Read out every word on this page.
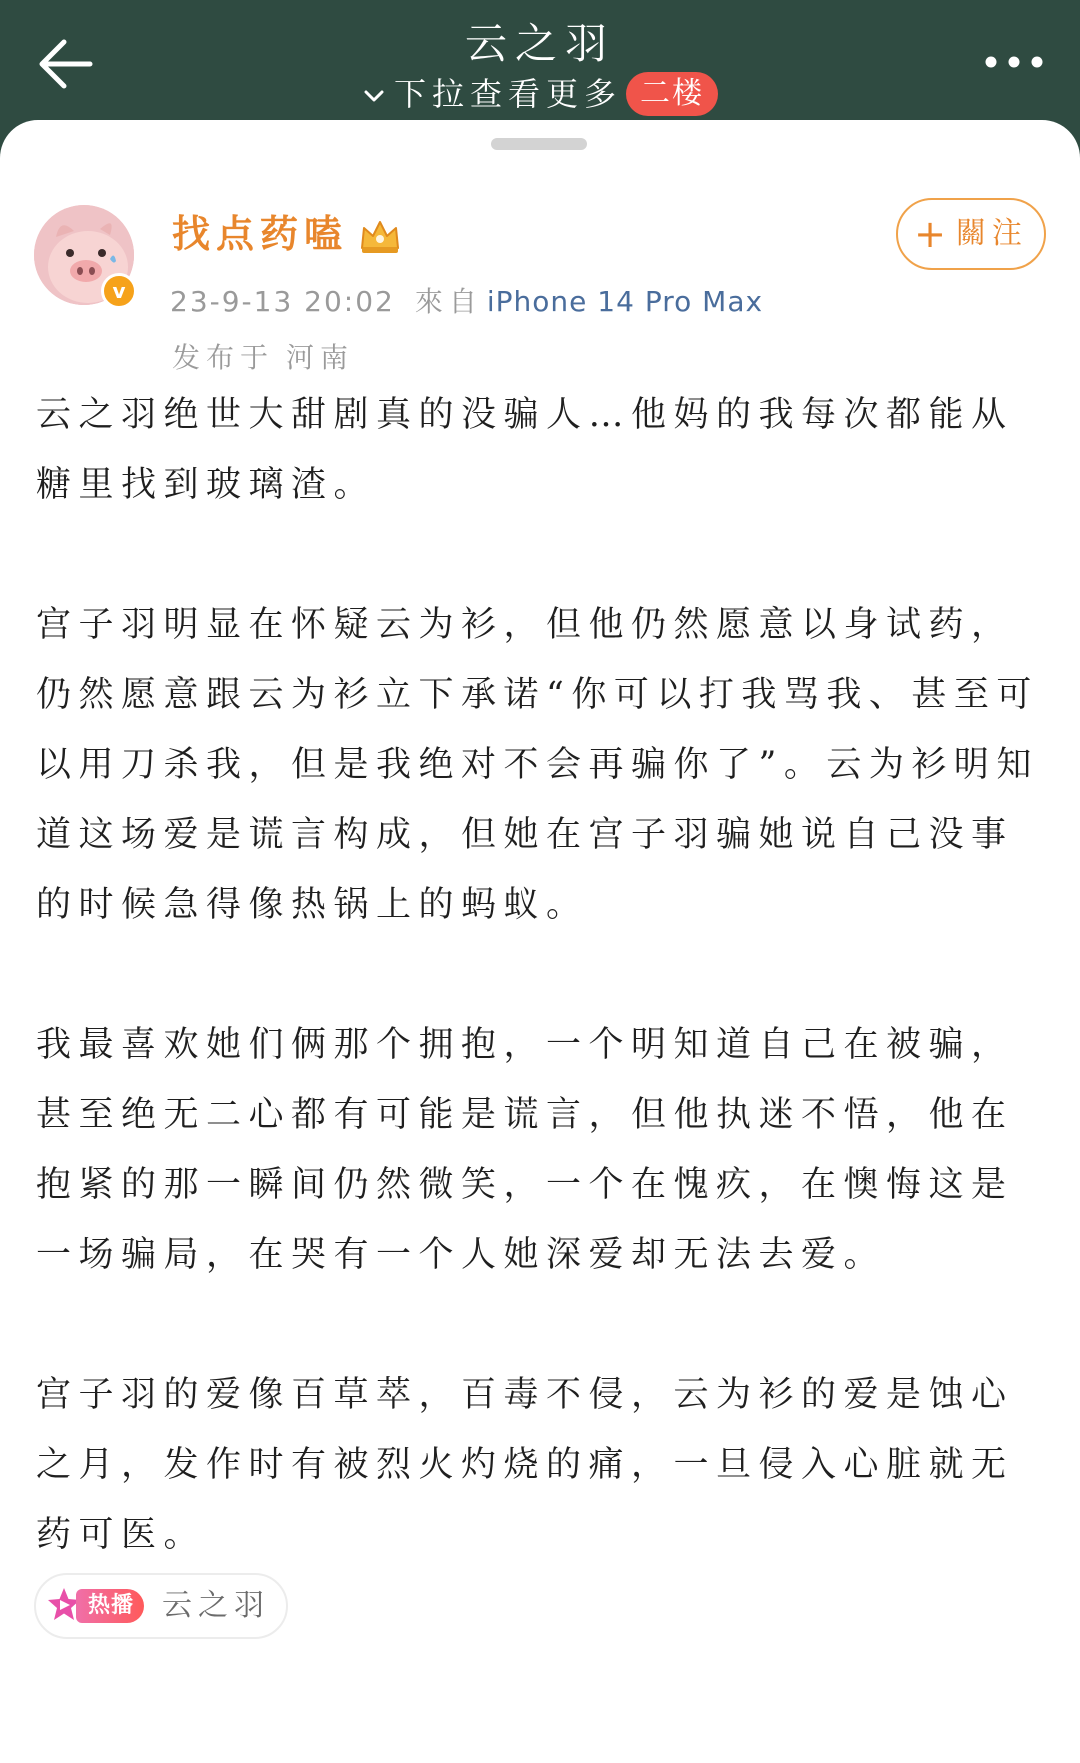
云之羽
下拉查看更多 二楼
v
找点药嗑	+ 關注
23-9-13 20:02 來自 iPhone 14 Pro Max
发布于 河南

云之羽绝世大甜剧真的没骗人…他妈的我每次都能从糖里找到玻璃渣。

宫子羽明显在怀疑云为衫，但他仍然愿意以身试药，仍然愿意跟云为衫立下承诺“你可以打我骂我、甚至可以用刀杀我，但是我绝对不会再骗你了”。云为衫明知道这场爱是谎言构成，但她在宫子羽骗她说自己没事的时候急得像热锅上的蚂蚁。

我最喜欢她们俩那个拥抱，一个明知道自己在被骗，甚至绝无二心都有可能是谎言，但他执迷不悟，他在抱紧的那一瞬间仍然微笑，一个在愧疚，在懊悔这是一场骗局，在哭有一个人她深爱却无法去爱。

宫子羽的爱像百草萃，百毒不侵，云为衫的爱是蚀心之月，发作时有被烈火灼烧的痛，一旦侵入心脏就无药可医。

热播 云之羽
